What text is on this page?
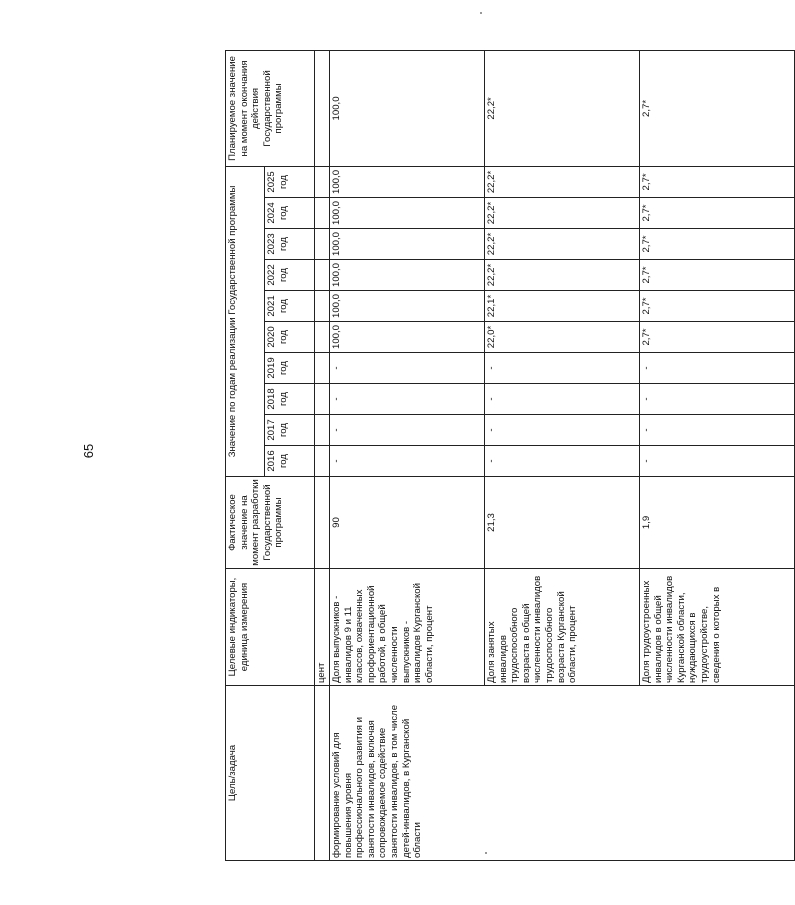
65
Цель/задача	Целевые индикаторы, единица измерения	Фактическое значение на момент разработки Государственной программы	Значение по годам реализации Государственной программы										Планируемое значение на момент окончания действия Государственной программы
			2016 год	2017 год	2018 год	2019 год	2020 год	2021 год	2022 год	2023 год	2024 год	2025 год	
	цент												
формирование условий для повышения уровня профессионального развития и занятости инвалидов, включая сопровождаемое содействие занятости инвалидов, в том числе детей-инвалидов, в Курганской области	Доля выпускников - инвалидов 9 и 11 классов, охваченных профориентационной работой, в общей численности выпускников - инвалидов Курганской области, процент	90	-	-	-	-	100,0	100,0	100,0	100,0	100,0	100,0	100,0
	Доля занятых инвалидов трудоспособного возраста в общей численности инвалидов трудоспособного возраста Курганской области, процент	21,3	-	-	-	-	22,0*	22,1*	22,2*	22,2*	22,2*	22,2*	22,2*
	Доля трудоустроенных инвалидов в общей численности инвалидов Курганской области, нуждающихся в трудоустройстве, сведения о которых в	1,9	-	-	-	-	2,7*	2,7*	2,7*	2,7*	2,7*	2,7*	2,7*
